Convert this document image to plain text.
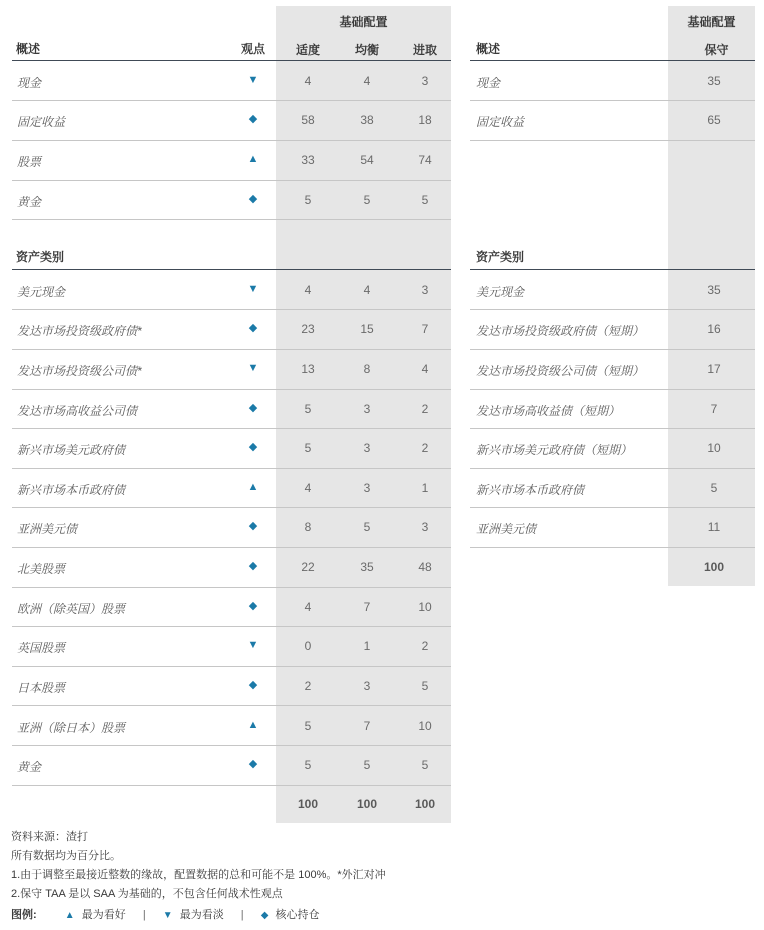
基础配置
概述	观点	适度	均衡	进取
现金	▼	4	4	3
固定收益	◆	58	38	18
股票	▲	33	54	74
黄金	◆	5	5	5
资产类别
美元现金	▼	4	4	3
发达市场投资级政府债*	◆	23	15	7
发达市场投资级公司债*	▼	13	8	4
发达市场高收益公司债	◆	5	3	2
新兴市场美元政府债	◆	5	3	2
新兴市场本币政府债	▲	4	3	1
亚洲美元债	◆	8	5	3
北美股票	◆	22	35	48
欧洲（除英国）股票	◆	4	7	10
英国股票	▼	0	1	2
日本股票	◆	2	3	5
亚洲（除日本）股票	▲	5	7	10
黄金	◆	5	5	5
100	100	100
基础配置
概述	保守
现金	35
固定收益	65
资产类别
美元现金	35
发达市场投资级政府债（短期）	16
发达市场投资级公司债（短期）	17
发达市场高收益债（短期）	7
新兴市场美元政府债（短期）	10
新兴市场本币政府债	5
亚洲美元债	11
100
资料来源：渣打
所有数据均为百分比。
1.由于调整至最接近整数的缘故，配置数据的总和可能不是 100%。*外汇对冲
2.保守 TAA 是以 SAA 为基础的，不包含任何战术性观点
图例:	▲ 最为看好 | ▼ 最为看淡 | ◆ 核心持仓
